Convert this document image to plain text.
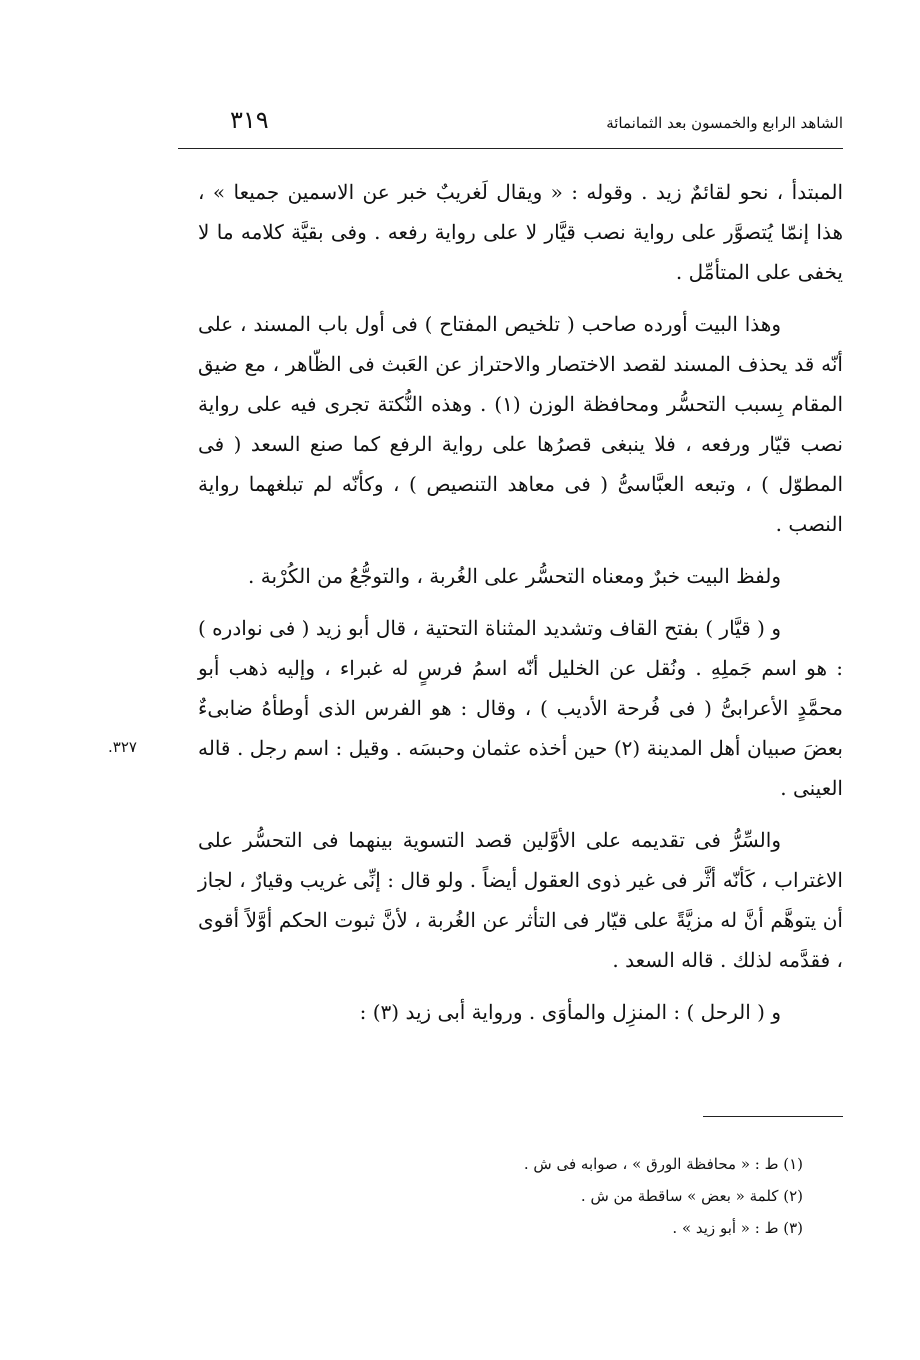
الشاهد الرابع والخمسون بعد الثمانمائة
٣١٩

المبتدأ ، نحو لقائمٌ زيد . وقوله : « ويقال لَغريبٌ خبر عن الاسمين جميعا » ، هذا إنمّا يُتصوَّر على رواية نصب قيَّار لا على رواية رفعه . وفى بقيَّة كلامه ما لا يخفى على المتأمِّل .

وهذا البيت أورده صاحب ( تلخيص المفتاح ) فى أول باب المسند ، على أنّه قد يحذف المسند لقصد الاختصار والاحتراز عن العَبث فى الظّاهر ، مع ضيق المقام بِسبب التحسُّر ومحافظة الوزن (١) . وهذه النُّكتة تجرى فيه على رواية نصب قيّار ورفعه ، فلا ينبغى قصرُها على رواية الرفع كما صنع السعد ( فى المطوّل ) ، وتبعه العبَّاسىُّ ( فى معاهد التنصيص ) ، وكأنّه لم تبلغهما رواية النصب .

ولفظ البيت خبرٌ ومعناه التحسُّر على الغُربة ، والتوجُّعُ من الكُرْبة .

و ( قيَّار ) بفتح القاف وتشديد المثناة التحتية ، قال أبو زيد ( فى نوادره ) : هو اسم جَملِهِ . ونُقل عن الخليل أنّه اسمُ فرسٍ له غبراء ، وإليه ذهب أبو محمَّدٍ الأعرابىُّ ( فى فُرحة الأديب ) ، وقال : هو الفرس الذى أوطأهُ ضابىءٌ بعضَ صبيان أهل المدينة (٢) حين أخذه عثمان وحبسَه . وقيل : اسم رجل . قاله العينى .

والسِّرُّ فى تقديمه على الأوَّلين قصد التسوية بينهما فى التحسُّر على الاغتراب ، كَأنّه أثَّر فى غير ذوى العقول أيضاً . ولو قال : إنِّى غريب وقيارٌ ، لجاز أن يتوهَّم أنَّ له مزيَّةً على قيّار فى التأثر عن الغُربة ، لأنَّ ثبوت الحكم أوَّلاً أقوى ، فقدَّمه لذلك . قاله السعد .

و ( الرحل ) : المنزِل والمأوَى . ورواية أبى زيد (٣) :

٣٢٧.
(١) ط : « محافظة الورق » ، صوابه فى ش .
(٢) كلمة « بعض » ساقطة من ش .
(٣) ط : « أبو زيد » .
